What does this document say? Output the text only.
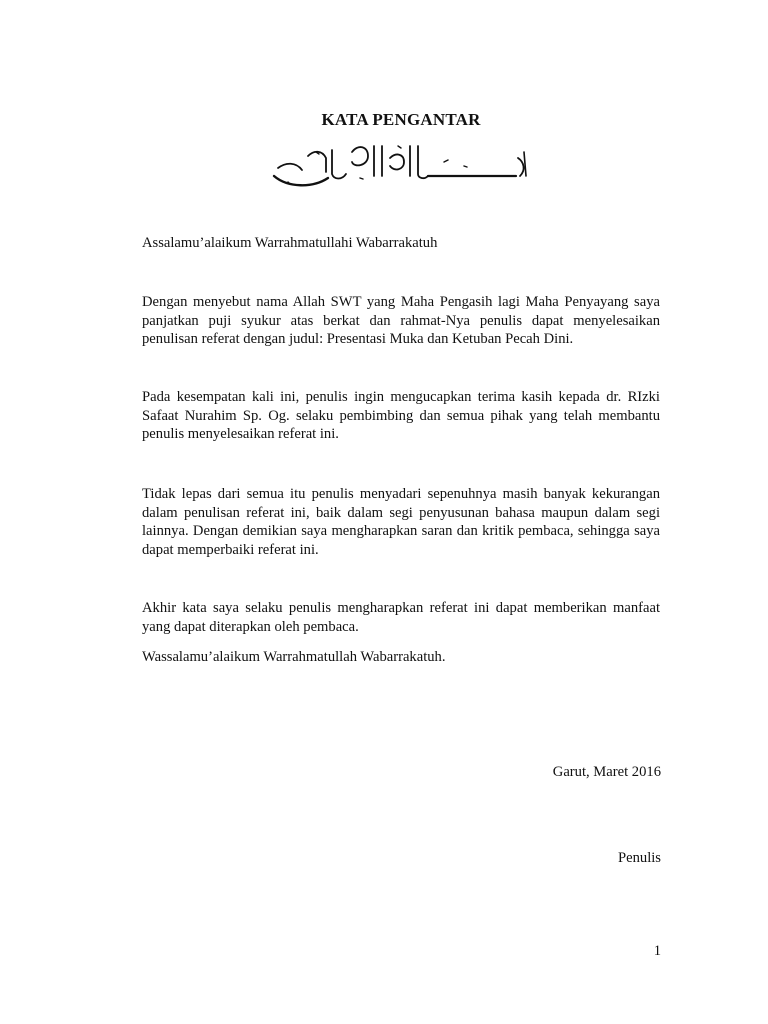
KATA PENGANTAR

Assalamu’alaikum Warrahmatullahi Wabarrakatuh

Dengan menyebut nama Allah SWT yang Maha Pengasih lagi Maha Penyayang saya panjatkan puji syukur atas berkat dan rahmat-Nya penulis dapat menyelesaikan penulisan referat dengan judul: Presentasi Muka dan Ketuban Pecah Dini.

Pada kesempatan kali ini, penulis ingin mengucapkan terima kasih kepada dr. RIzki Safaat Nurahim Sp. Og. selaku pembimbing dan semua pihak yang telah membantu penulis menyelesaikan referat ini.

Tidak lepas dari semua itu penulis menyadari sepenuhnya masih banyak kekurangan dalam penulisan referat ini, baik dalam segi penyusunan bahasa maupun dalam segi lainnya. Dengan demikian saya mengharapkan saran dan kritik pembaca, sehingga saya dapat memperbaiki referat ini.

Akhir kata saya selaku penulis mengharapkan referat ini dapat memberikan manfaat yang dapat diterapkan oleh pembaca.

Wassalamu’alaikum Warrahmatullah Wabarrakatuh.

Garut, Maret 2016
Penulis
1
